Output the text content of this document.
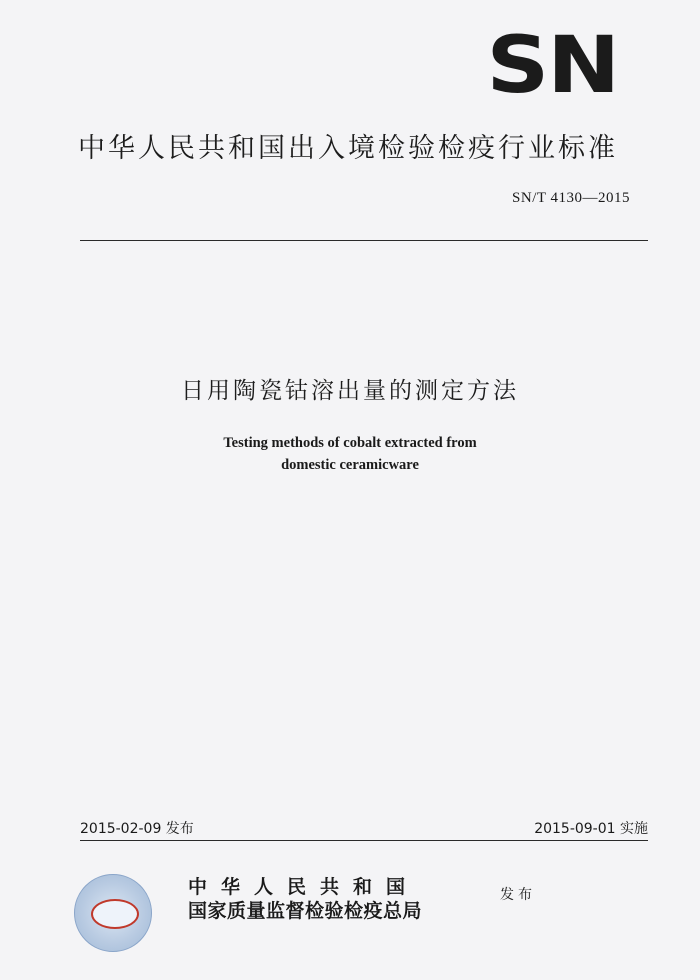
SN
中华人民共和国出入境检验检疫行业标准
SN/T 4130—2015
日用陶瓷钴溶出量的测定方法
Testing methods of cobalt extracted from
domestic ceramicware
2015-02-09 发布	2015-09-01 实施
中华人民共和国
国家质量监督检验检疫总局
发布
